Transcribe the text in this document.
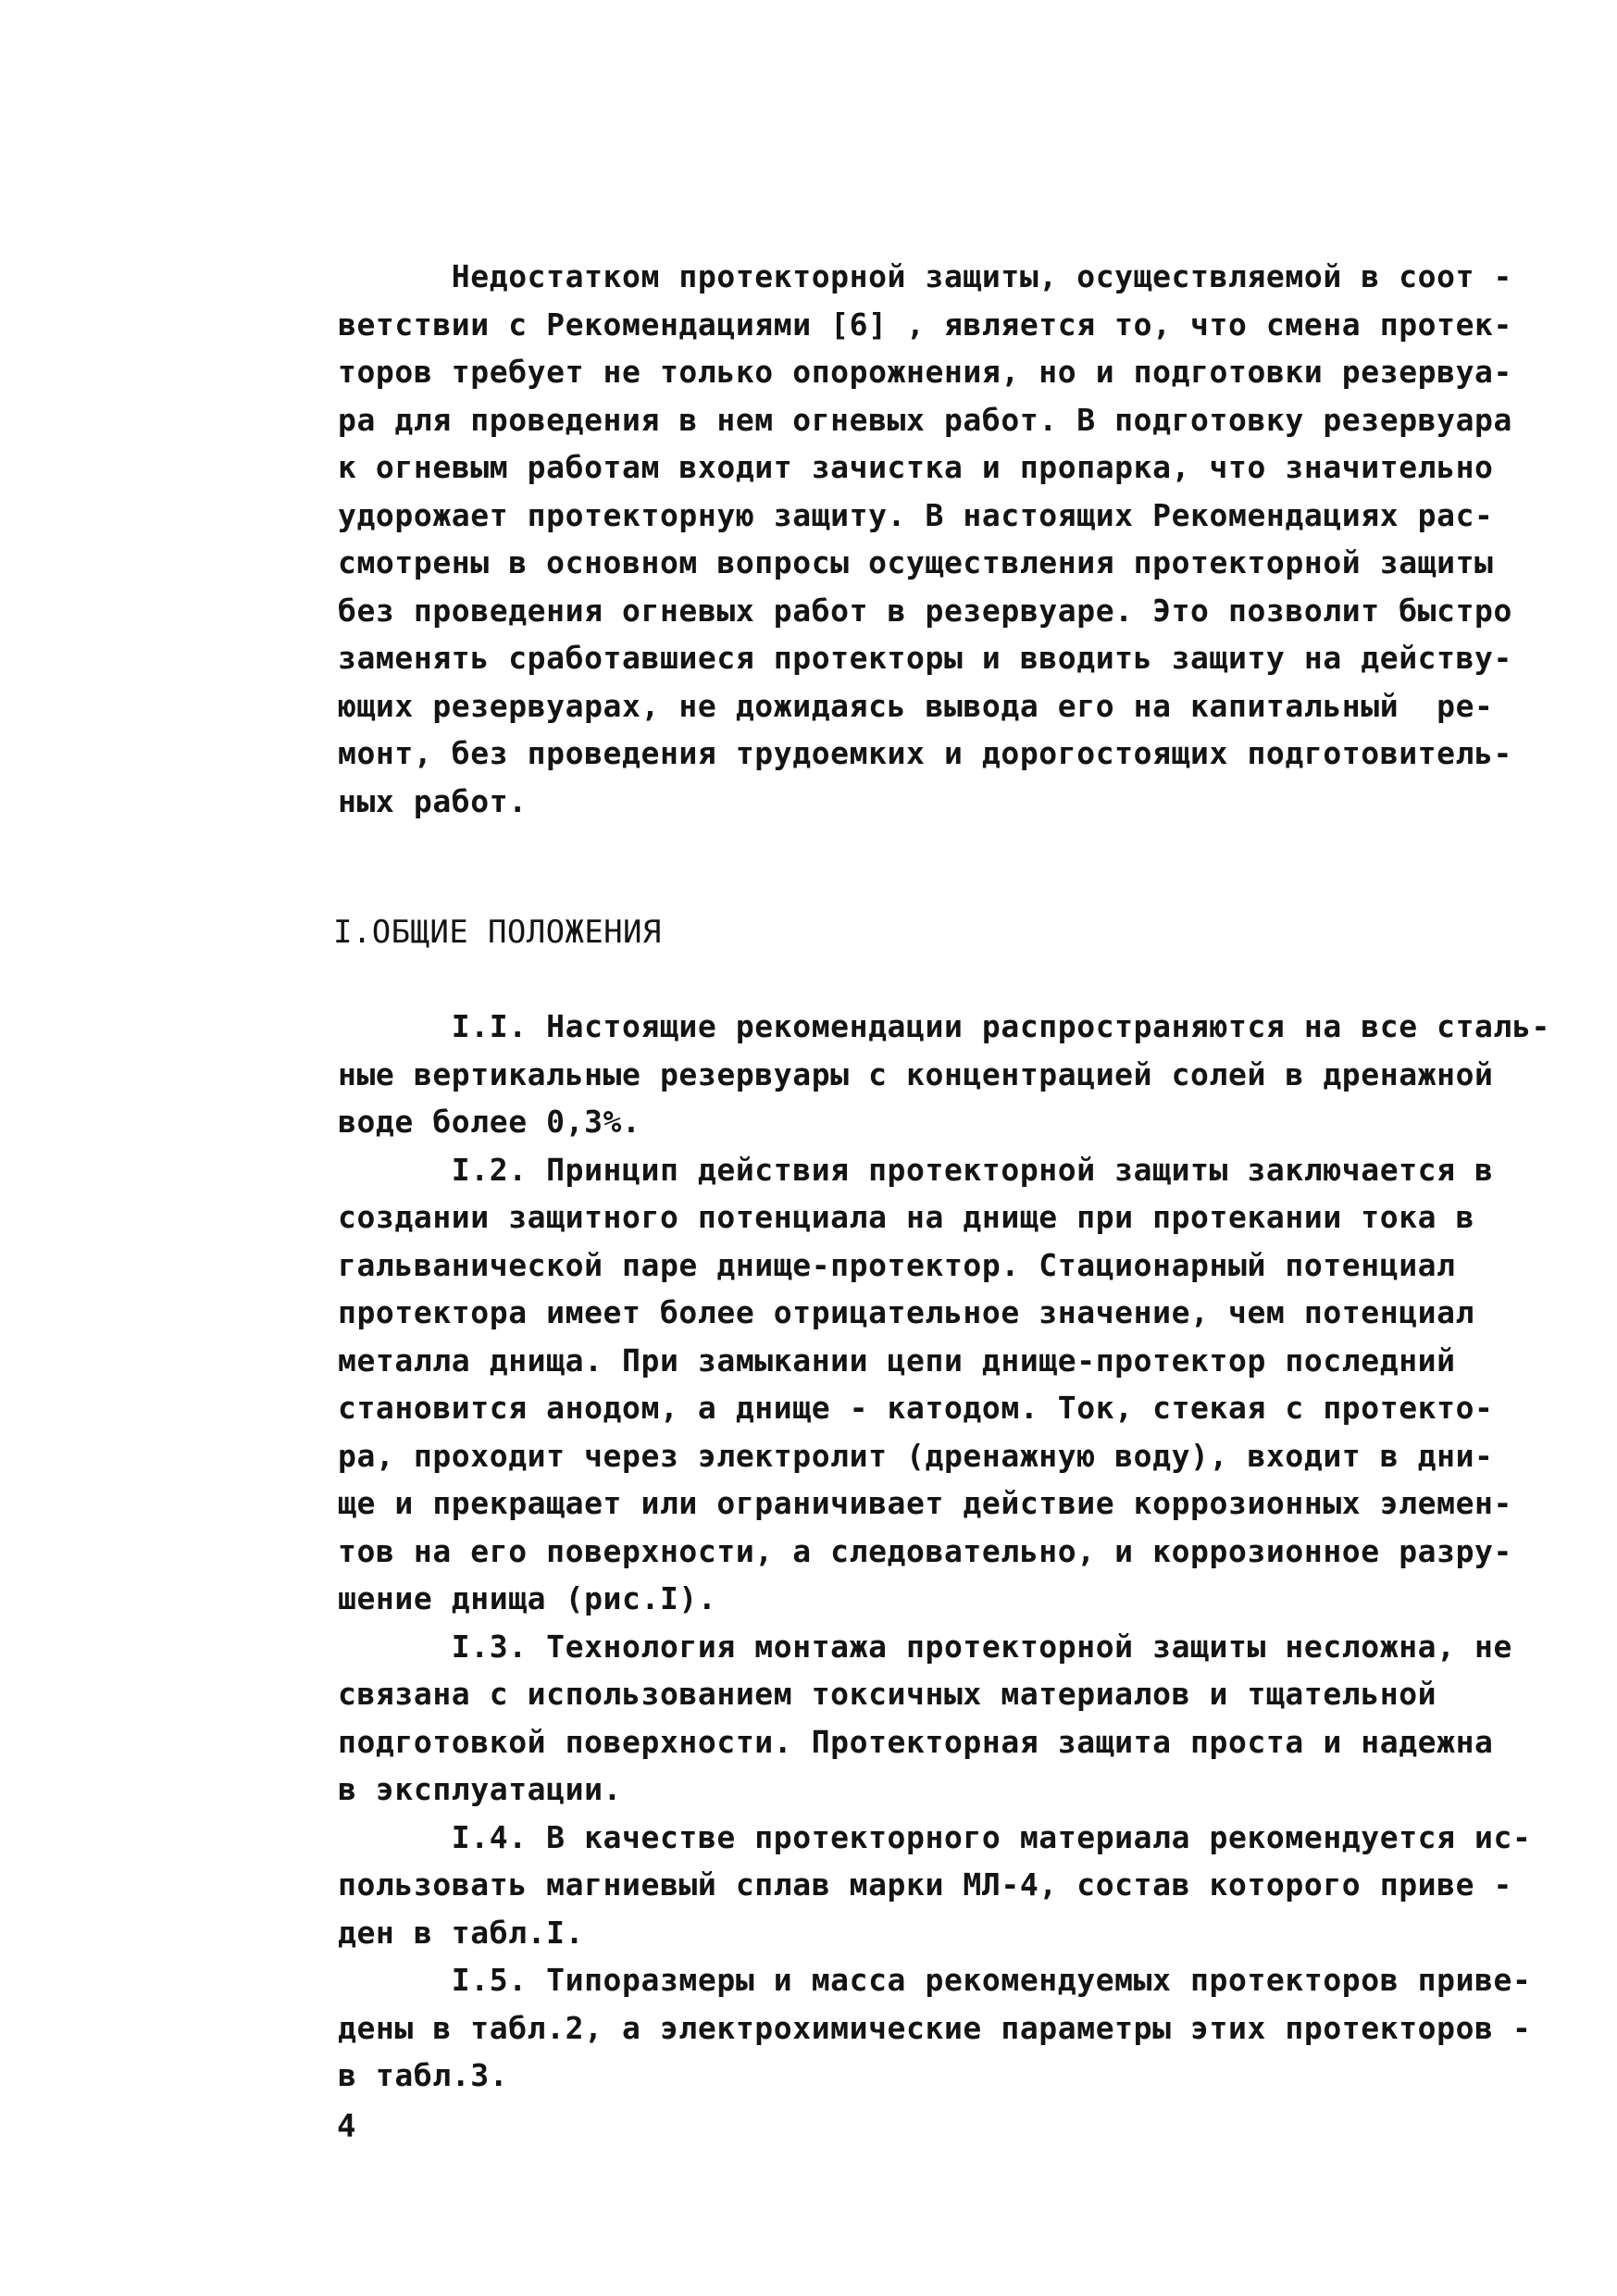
Недостатком протекторной защиты, осуществляемой в соот -
ветствии с Рекомендациями [6] , является то, что смена протек-
торов требует не только опорожнения, но и подготовки резервуа-
ра для проведения в нем огневых работ. В подготовку резервуара
к огневым работам входит зачистка и пропарка, что значительно
удорожает протекторную защиту. В настоящих Рекомендациях рас-
смотрены в основном вопросы осуществления протекторной защиты
без проведения огневых работ в резервуаре. Это позволит быстро
заменять сработавшиеся протекторы и вводить защиту на действу-
ющих резервуарах, не дожидаясь вывода его на капитальный  ре-
монт, без проведения трудоемких и дорогостоящих подготовитель-
ных работ.
I.ОБЩИЕ ПОЛОЖЕНИЯ
I.I. Настоящие рекомендации распространяются на все сталь-
ные вертикальные резервуары с концентрацией солей в дренажной
воде более 0,3%.
I.2. Принцип действия протекторной защиты заключается в
создании защитного потенциала на днище при протекании тока в
гальванической паре днище-протектор. Стационарный потенциал
протектора имеет более отрицательное значение, чем потенциал
металла днища. При замыкании цепи днище-протектор последний
становится анодом, а днище - катодом. Ток, стекая с протекто-
ра, проходит через электролит (дренажную воду), входит в дни-
ще и прекращает или ограничивает действие коррозионных элемен-
тов на его поверхности, а следовательно, и коррозионное разру-
шение днища (рис.I).
I.3. Технология монтажа протекторной защиты несложна, не
связана с использованием токсичных материалов и тщательной
подготовкой поверхности. Протекторная защита проста и надежна
в эксплуатации.
I.4. В качестве протекторного материала рекомендуется ис-
пользовать магниевый сплав марки МЛ-4, состав которого приве -
ден в табл.I.
I.5. Типоразмеры и масса рекомендуемых протекторов приве-
дены в табл.2, а электрохимические параметры этих протекторов -
в табл.3.
4
